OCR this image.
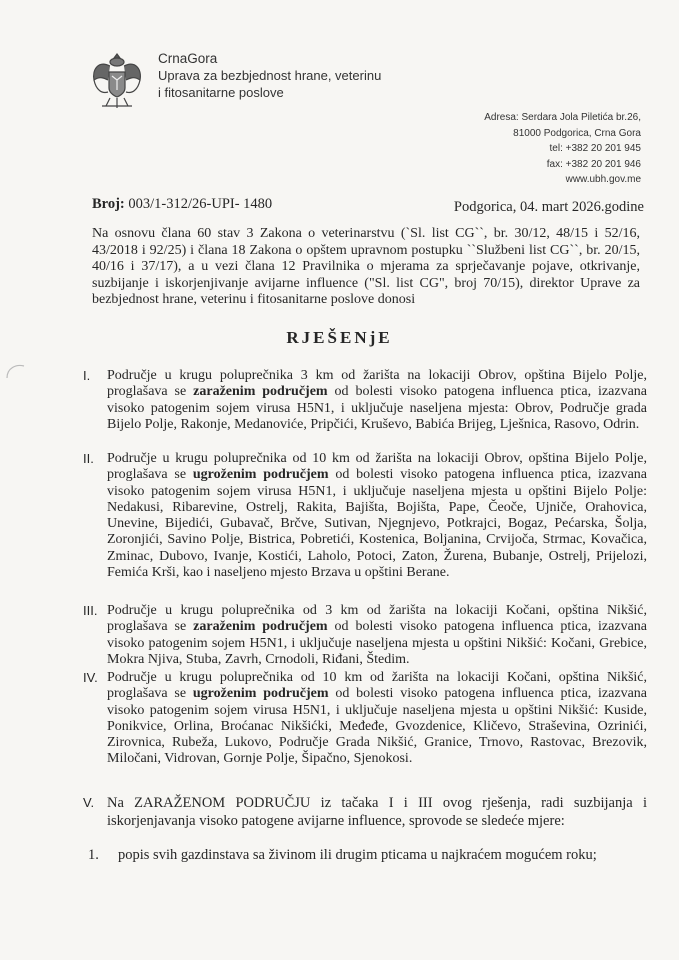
CrnaGora
Uprava za bezbjednost hrane, veterinu
i fitosanitarne poslove
Adresa: Serdara Jola Piletića br.26,
81000 Podgorica, Crna Gora
tel: +382 20 201 945
fax: +382 20 201 946
www.ubh.gov.me
Broj: 003/1-312/26-UPI- 1480	Podgorica, 04. mart 2026.godine
Na osnovu člana 60 stav 3 Zakona o veterinarstvu (`Sl. list CG``, br. 30/12, 48/15 i 52/16, 43/2018 i 92/25) i člana 18 Zakona o opštem upravnom postupku ``Službeni list CG``, br. 20/15, 40/16 i 37/17), a u vezi člana 12 Pravilnika o mjerama za sprječavanje pojave, otkrivanje, suzbijanje i iskorjenjivanje avijarne influence ("Sl. list CG", broj 70/15), direktor Uprave za bezbjednost hrane, veterinu i fitosanitarne poslove donosi
RJEŠENjE
I. Područje u krugu poluprečnika 3 km od žarišta na lokaciji Obrov, opština Bijelo Polje, proglašava se zaraženim područjem od bolesti visoko patogena influenca ptica, izazvana visoko patogenim sojem virusa H5N1, i uključuje naseljena mjesta: Obrov, Područje grada Bijelo Polje, Rakonje, Medanoviće, Pripčići, Kruševo, Babića Brijeg, Lješnica, Rasovo, Odrin.
II. Područje u krugu poluprečnika od 10 km od žarišta na lokaciji Obrov, opština Bijelo Polje, proglašava se ugroženim područjem od bolesti visoko patogena influenca ptica, izazvana visoko patogenim sojem virusa H5N1, i uključuje naseljena mjesta u opštini Bijelo Polje: Nedakusi, Ribarevine, Ostrelj, Rakita, Bajišta, Bojišta, Pape, Čeoče, Ujniče, Orahovica, Unevine, Bijedići, Gubavač, Brčve, Sutivan, Njegnjevo, Potkrajci, Bogaz, Pećarska, Šolja, Zoronjići, Savino Polje, Bistrica, Pobretići, Kostenica, Boljanina, Crvijoča, Strmac, Kovačica, Zminac, Dubovo, Ivanje, Kostići, Laholo, Potoci, Zaton, Žurena, Bubanje, Ostrelj, Prijelozi, Femića Krši, kao i naseljeno mjesto Brzava u opštini Berane.
III. Područje u krugu poluprečnika od 3 km od žarišta na lokaciji Kočani, opština Nikšić, proglašava se zaraženim područjem od bolesti visoko patogena influenca ptica, izazvana visoko patogenim sojem H5N1, i uključuje naseljena mjesta u opštini Nikšić: Kočani, Grebice, Mokra Njiva, Stuba, Zavrh, Crnodoli, Riđani, Štedim.
IV. Područje u krugu poluprečnika od 10 km od žarišta na lokaciji Kočani, opština Nikšić, proglašava se ugroženim područjem od bolesti visoko patogena influenca ptica, izazvana visoko patogenim sojem virusa H5N1, i uključuje naseljena mjesta u opštini Nikšić: Kuside, Ponikvice, Orlina, Broćanac Nikšićki, Međeđe, Gvozdenice, Kličevo, Straševina, Ozrinići, Zirovnica, Rubeža, Lukovo, Područje Grada Nikšić, Granice, Trnovo, Rastovac, Brezovik, Miločani, Vidrovan, Gornje Polje, Šipačno, Sjenokosi.
V. Na ZARAŽENOM PODRUČJU iz tačaka I i III ovog rješenja, radi suzbijanja i iskorjenjavanja visoko patogene avijarne influence, sprovode se sledeće mjere:
1. popis svih gazdinstava sa živinom ili drugim pticama u najkraćem mogućem roku;
